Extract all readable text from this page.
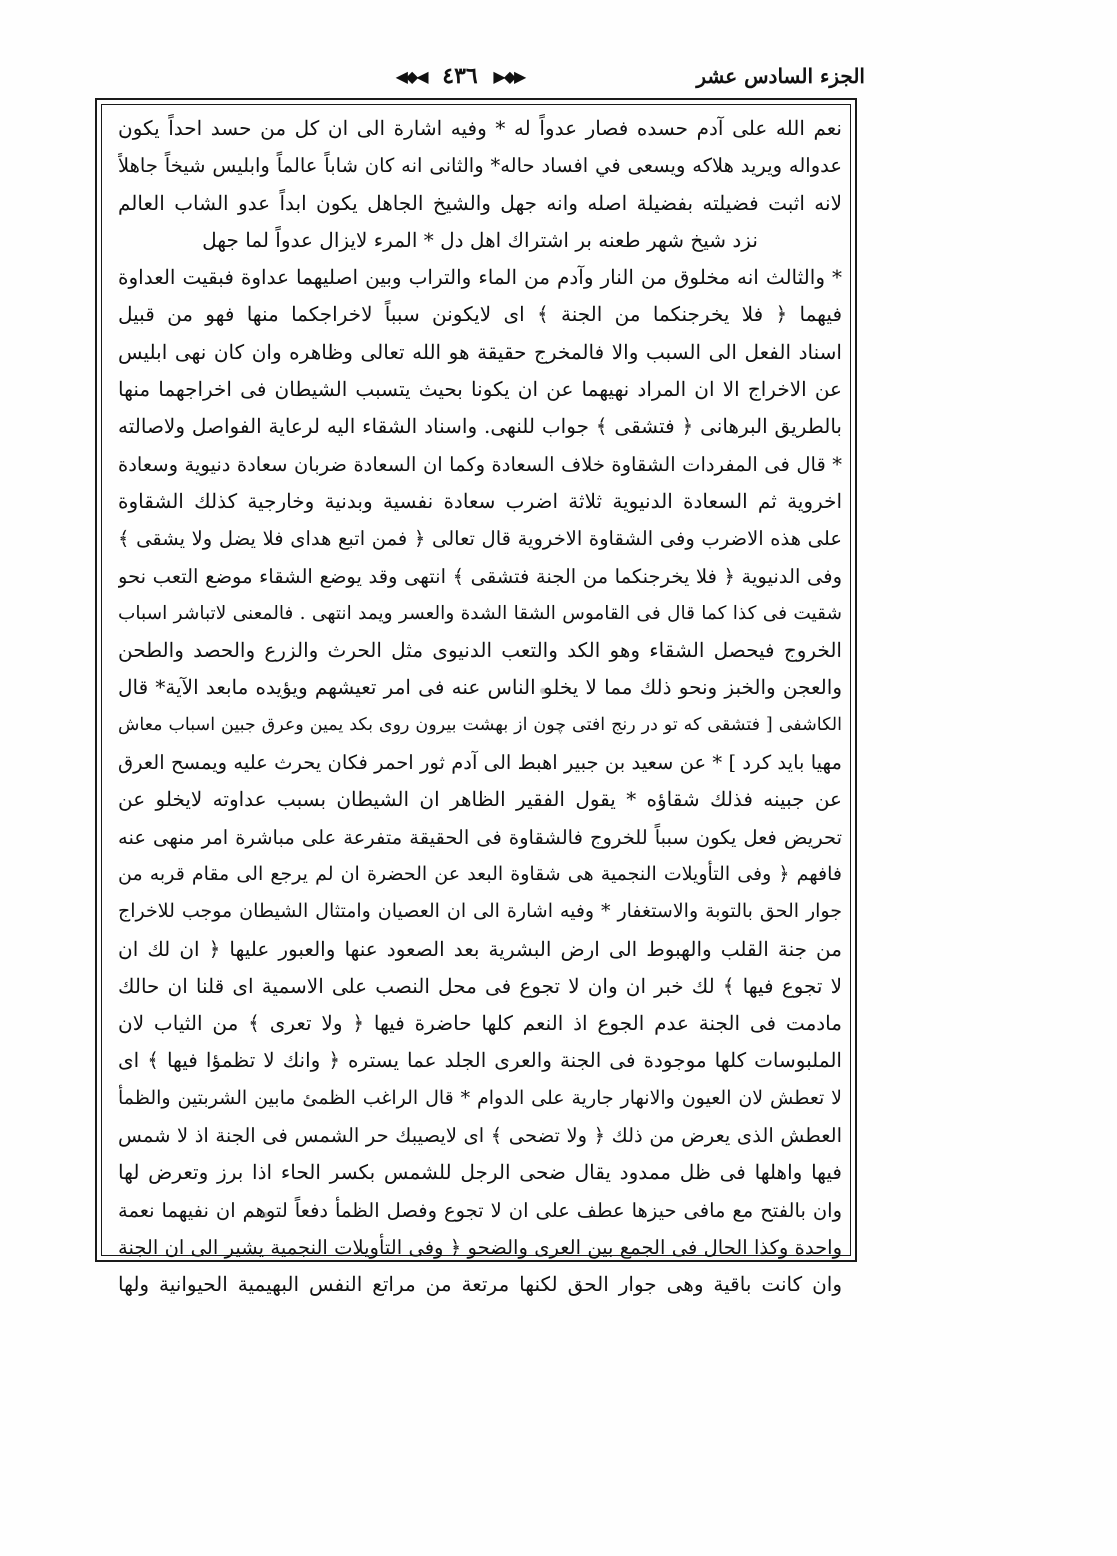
الجزء السادس عشر
◀◆◀ ٤٣٦ ▶◆▶
نعم الله على آدم حسده فصار عدواً له * وفيه اشارة الى ان كل من حسد احداً يكون
عدواله ويريد هلاكه ويسعى في افساد حاله* والثانى انه كان شاباً عالماً وابليس شيخاً جاهلاً
لانه اثبت فضيلته بفضيلة اصله وانه جهل والشيخ الجاهل يكون ابداً عدو الشاب العالم
نزد شيخ شهر طعنه بر اشتراك اهل دل * المرء لايزال عدواً لما جهل
* والثالث انه مخلوق من النار وآدم من الماء والتراب وبين اصليهما عداوة فبقيت العداوة
فيهما ﴿ فلا يخرجنكما من الجنة ﴾ اى لايكونن سبباً لاخراجكما منها فهو من قبيل
اسناد الفعل الى السبب والا فالمخرج حقيقة هو الله تعالى وظاهره وان كان نهى ابليس
عن الاخراج الا ان المراد نهيهما عن ان يكونا بحيث يتسبب الشيطان فى اخراجهما منها
بالطريق البرهانى ﴿ فتشقى ﴾ جواب للنهى. واسناد الشقاء اليه لرعاية الفواصل ولاصالته
* قال فى المفردات الشقاوة خلاف السعادة وكما ان السعادة ضربان سعادة دنيوية وسعادة
اخروية ثم السعادة الدنيوية ثلاثة اضرب سعادة نفسية وبدنية وخارجية كذلك الشقاوة
على هذه الاضرب وفى الشقاوة الاخروية قال تعالى ﴿ فمن اتبع هداى فلا يضل ولا يشقى ﴾
وفى الدنيوية ﴿ فلا يخرجنكما من الجنة فتشقى ﴾ انتهى وقد يوضع الشقاء موضع التعب نحو
شقيت فى كذا كما قال فى القاموس الشقا الشدة والعسر ويمد انتهى . فالمعنى لاتباشر اسباب
الخروج فيحصل الشقاء وهو الكد والتعب الدنيوى مثل الحرث والزرع والحصد والطحن
والعجن والخبز ونحو ذلك مما لا يخلو الناس عنه فى امر تعيشهم ويؤيده مابعد الآية* قال
الكاشفى [ فتشقى كه تو در رنج افتى چون از بهشت بيرون روى بكد يمين وعرق جبين اسباب معاش
مهيا بايد كرد ] * عن سعيد بن جبير اهبط الى آدم ثور احمر فكان يحرث عليه ويمسح العرق
عن جبينه فذلك شقاؤه * يقول الفقير الظاهر ان الشيطان بسبب عداوته لايخلو عن
تحريض فعل يكون سبباً للخروج فالشقاوة فى الحقيقة متفرعة على مباشرة امر منهى عنه
فافهم ﴿ وفى التأويلات النجمية هى شقاوة البعد عن الحضرة ان لم يرجع الى مقام قربه من
جوار الحق بالتوبة والاستغفار * وفيه اشارة الى ان العصيان وامتثال الشيطان موجب للاخراج
من جنة القلب والهبوط الى ارض البشرية بعد الصعود عنها والعبور عليها ﴿ ان لك ان
لا تجوع فيها ﴾ لك خبر ان وان لا تجوع فى محل النصب على الاسمية اى قلنا ان حالك
مادمت فى الجنة عدم الجوع اذ النعم كلها حاضرة فيها ﴿ ولا تعرى ﴾ من الثياب لان
الملبوسات كلها موجودة فى الجنة والعرى الجلد عما يستره ﴿ وانك لا تظمؤا فيها ﴾ اى
لا تعطش لان العيون والانهار جارية على الدوام * قال الراغب الظمئ مابين الشربتين والظمأ
العطش الذى يعرض من ذلك ﴿ ولا تضحى ﴾ اى لايصيبك حر الشمس فى الجنة اذ لا شمس
فيها واهلها فى ظل ممدود يقال ضحى الرجل للشمس بكسر الحاء اذا برز وتعرض لها
وان بالفتح مع مافى حيزها عطف على ان لا تجوع وفصل الظمأ دفعاً لتوهم ان نفيهما نعمة
واحدة وكذا الحال فى الجمع بين العرى والضحو ﴿ وفى التأويلات النجمية يشير الى ان الجنة
وان كانت باقية وهى جوار الحق لكنها مرتعة من مراتع النفس البهيمية الحيوانية ولها
